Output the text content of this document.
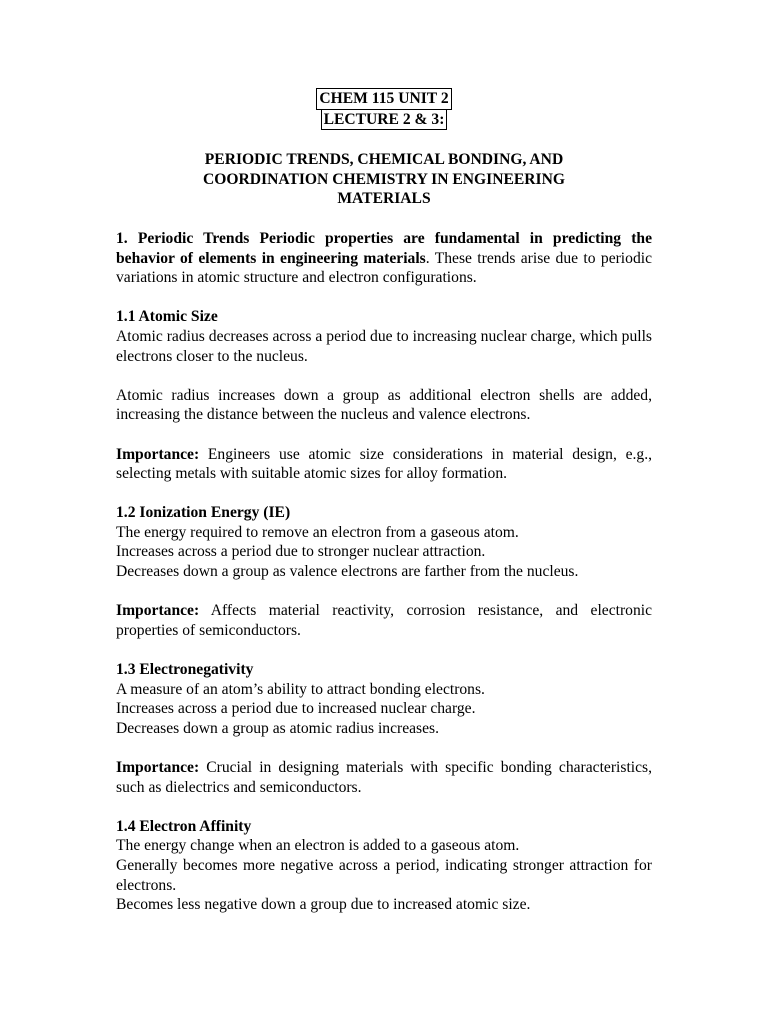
CHEM 115 UNIT 2
LECTURE 2 & 3:
PERIODIC TRENDS, CHEMICAL BONDING, AND
COORDINATION CHEMISTRY IN ENGINEERING
MATERIALS

1. Periodic Trends Periodic properties are fundamental in predicting the behavior of elements in engineering materials. These trends arise due to periodic variations in atomic structure and electron configurations.

1.1 Atomic Size

Atomic radius decreases across a period due to increasing nuclear charge, which pulls electrons closer to the nucleus.

Atomic radius increases down a group as additional electron shells are added, increasing the distance between the nucleus and valence electrons.

Importance: Engineers use atomic size considerations in material design, e.g., selecting metals with suitable atomic sizes for alloy formation.

1.2 Ionization Energy (IE)

The energy required to remove an electron from a gaseous atom.

Increases across a period due to stronger nuclear attraction.

Decreases down a group as valence electrons are farther from the nucleus.

Importance: Affects material reactivity, corrosion resistance, and electronic properties of semiconductors.

1.3 Electronegativity

A measure of an atom’s ability to attract bonding electrons.

Increases across a period due to increased nuclear charge.

Decreases down a group as atomic radius increases.

Importance: Crucial in designing materials with specific bonding characteristics, such as dielectrics and semiconductors.

1.4 Electron Affinity

The energy change when an electron is added to a gaseous atom.

Generally becomes more negative across a period, indicating stronger attraction for electrons.

Becomes less negative down a group due to increased atomic size.
